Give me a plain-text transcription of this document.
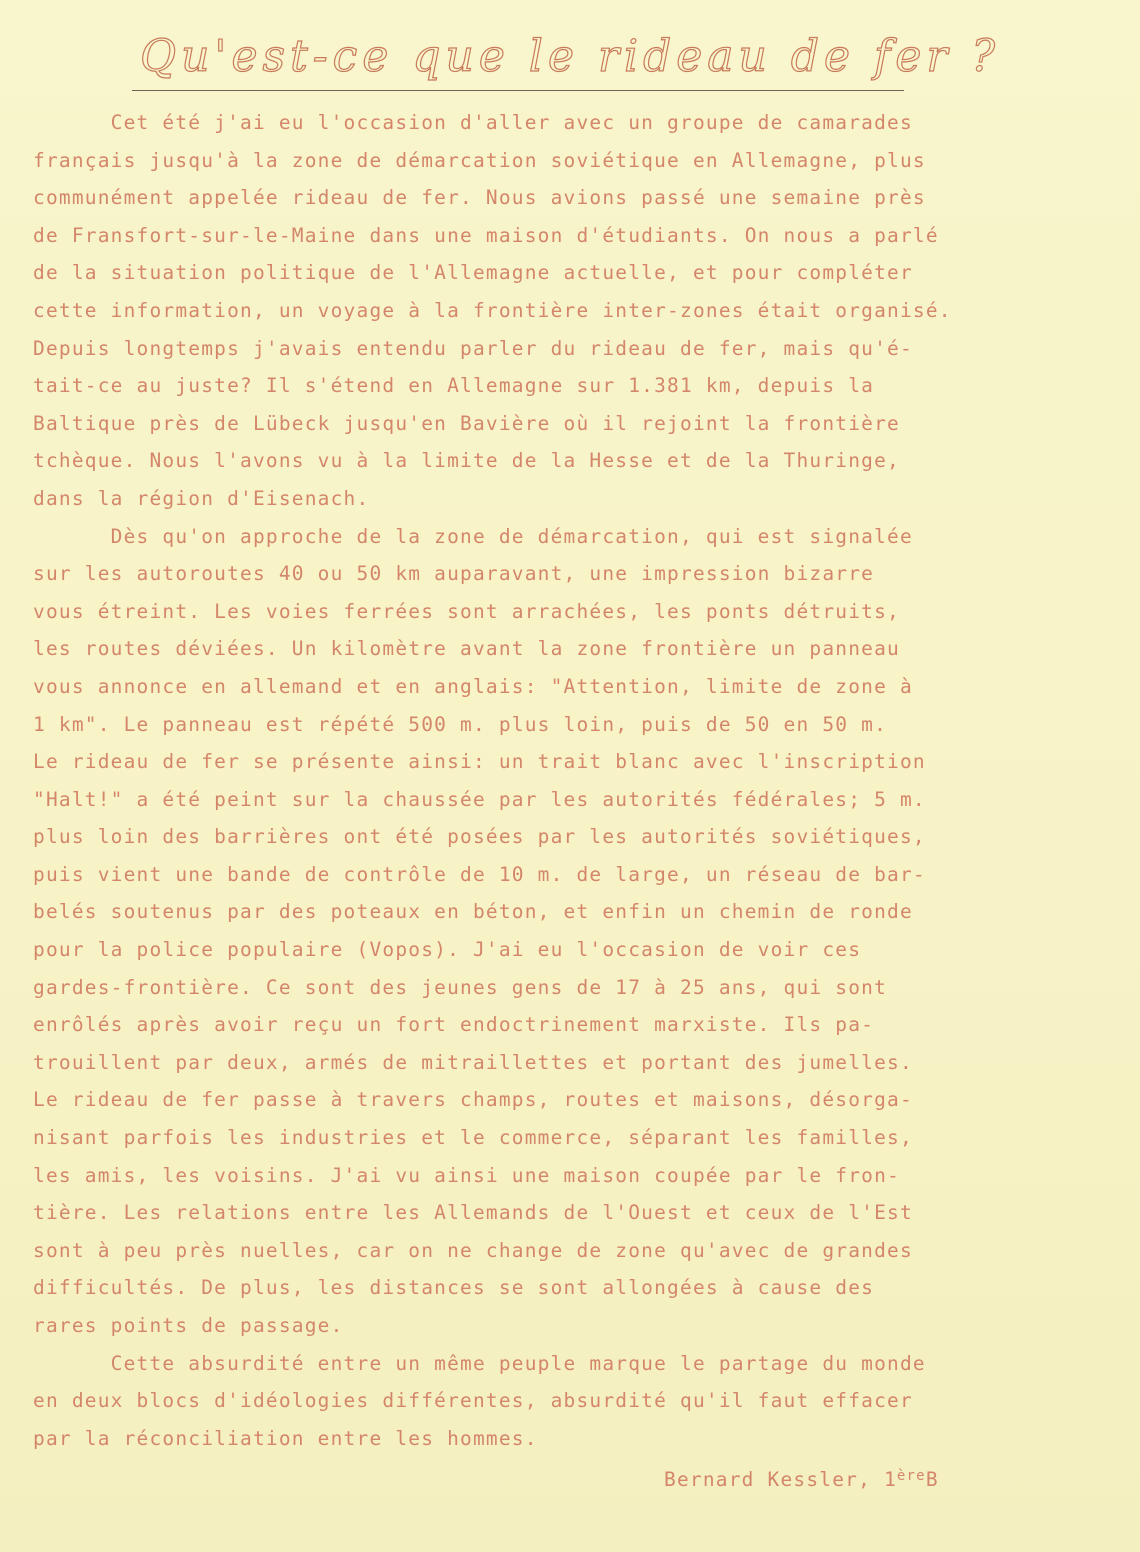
Qu'est-ce que le rideau de fer ?
Cet été j'ai eu l'occasion d'aller avec un groupe de camarades
français jusqu'à la zone de démarcation soviétique en Allemagne, plus
communément appelée rideau de fer. Nous avions passé une semaine près
de Fransfort-sur-le-Maine dans une maison d'étudiants. On nous a parlé
de la situation politique de l'Allemagne actuelle, et pour compléter
cette information, un voyage à la frontière inter-zones était organisé.
Depuis longtemps j'avais entendu parler du rideau de fer, mais qu'é-
tait-ce au juste? Il s'étend en Allemagne sur 1.381 km, depuis la
Baltique près de Lübeck jusqu'en Bavière où il rejoint la frontière
tchèque. Nous l'avons vu à la limite de la Hesse et de la Thuringe,
dans la région d'Eisenach.
Dès qu'on approche de la zone de démarcation, qui est signalée
sur les autoroutes 40 ou 50 km auparavant, une impression bizarre
vous étreint. Les voies ferrées sont arrachées, les ponts détruits,
les routes déviées. Un kilomètre avant la zone frontière un panneau
vous annonce en allemand et en anglais: "Attention, limite de zone à
1 km". Le panneau est répété 500 m. plus loin, puis de 50 en 50 m.
Le rideau de fer se présente ainsi: un trait blanc avec l'inscription
"Halt!" a été peint sur la chaussée par les autorités fédérales; 5 m.
plus loin des barrières ont été posées par les autorités soviétiques,
puis vient une bande de contrôle de 10 m. de large, un réseau de bar-
belés soutenus par des poteaux en béton, et enfin un chemin de ronde
pour la police populaire (Vopos). J'ai eu l'occasion de voir ces
gardes-frontière. Ce sont des jeunes gens de 17 à 25 ans, qui sont
enrôlés après avoir reçu un fort endoctrinement marxiste. Ils pa-
trouillent par deux, armés de mitraillettes et portant des jumelles.
Le rideau de fer passe à travers champs, routes et maisons, désorga-
nisant parfois les industries et le commerce, séparant les familles,
les amis, les voisins. J'ai vu ainsi une maison coupée par le fron-
tière. Les relations entre les Allemands de l'Ouest et ceux de l'Est
sont à peu près nuelles, car on ne change de zone qu'avec de grandes
difficultés. De plus, les distances se sont allongées à cause des
rares points de passage.
Cette absurdité entre un même peuple marque le partage du monde
en deux blocs d'idéologies différentes, absurdité qu'il faut effacer
par la réconciliation entre les hommes.
Bernard Kessler, 1èreB
